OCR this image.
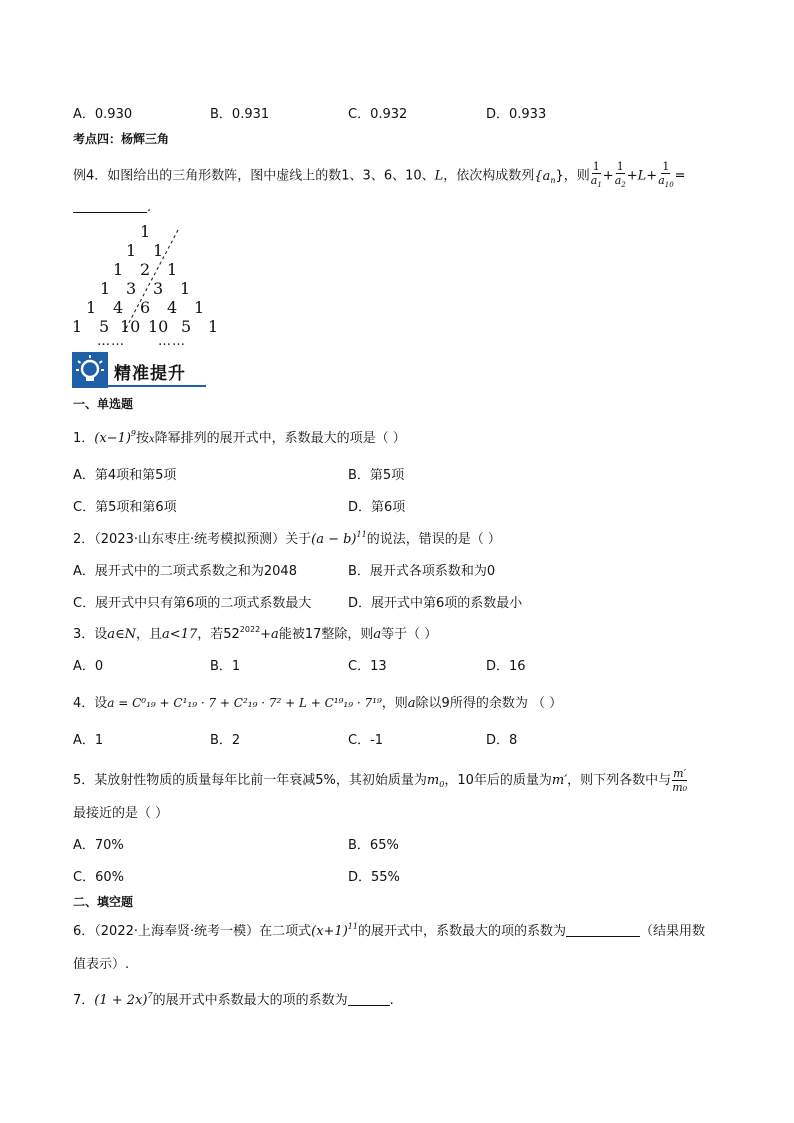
A．0.930	B．0.931	C．0.932	D．0.933
考点四：杨辉三角
例4．如图给出的三角形数阵，图中虚线上的数1、3、6、10、L，依次构成数列$\{a_n\}$，则 $\frac{1}{a_1} + \frac{1}{a_2} +L+ \frac{1}{a_{10}}$ =
.
1
1 1
1 2 1
1 3 3 1
1 4 6 4 1
1 5 10 10 5 1
……	……
精准提升
一、单选题
1．$(x-1)^9$按x降幂排列的展开式中，系数最大的项是（ ）
A．第4项和第5项	B．第5项
C．第5项和第6项	D．第6项
2．（2023·山东枣庄·统考模拟预测）关于$(a - b)^{11}$的说法，错误的是（ ）
A．展开式中的二项式系数之和为2048	B．展开式各项系数和为0
C．展开式中只有第6项的二项式系数最大	D．展开式中第6项的系数最小
3．设a∈N，且a<17，若$52^{2022}+a$能被17整除，则a等于（ ）
A．0	B．1	C．13	D．16
4．设a = C⁰₁₉ + C¹₁₉ · 7 + C²₁₉ · 7² + L + C¹⁹₁₉ · 7¹⁹，则a除以9所得的余数为 （ ）
A．1	B．2	C．-1	D．8
5．某放射性物质的质量每年比前一年衰减5%，其初始质量为$m_0$，10年后的质量为m′，则下列各数中与 $\frac{m'}{\text{m₀}}$
最接近的是（ ）
A．70%	B．65%
C．60%	D．55%
二、填空题
6．（2022·上海奉贤·统考一模）在二项式$(x+1)^{11}$的展开式中，系数最大的项的系数为	（结果用数
值表示）.
7．$(1 + 2x)^7$的展开式中系数最大的项的系数为	.
